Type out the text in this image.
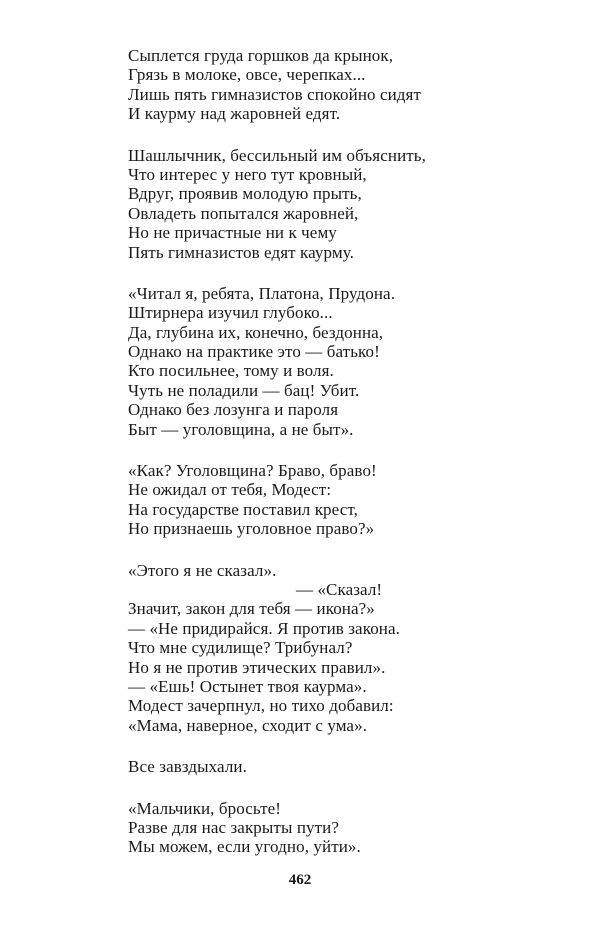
Сыплется груда горшков да крынок,
Грязь в молоке, овсе, черепках...
Лишь пять гимназистов спокойно сидят
И каурму над жаровней едят.
Шашлычник, бессильный им объяснить,
Что интерес у него тут кровный,
Вдруг, проявив молодую прыть,
Овладеть попытался жаровней,
Но не причастные ни к чему
Пять гимназистов едят каурму.
«Читал я, ребята, Платона, Прудона.
Штирнера изучил глубоко...
Да, глубина их, конечно, бездонна,
Однако на практике это — батько!
Кто посильнее, тому и воля.
Чуть не поладили — бац! Убит.
Однако без лозунга и пароля
Быт — уголовщина, а не быт».
«Как? Уголовщина? Браво, браво!
Не ожидал от тебя, Модест:
На государстве поставил крест,
Но признаешь уголовное право?»
«Этого я не сказал».
— «Сказал!
Значит, закон для тебя — икона?»
— «Не придирайся. Я против закона.
Что мне судилище? Трибунал?
Но я не против этических правил».
— «Ешь! Остынет твоя каурма».
Модест зачерпнул, но тихо добавил:
«Мама, наверное, сходит с ума».
Все завздыхали.
«Мальчики, бросьте!
Разве для нас закрыты пути?
Мы можем, если угодно, уйти».
462
